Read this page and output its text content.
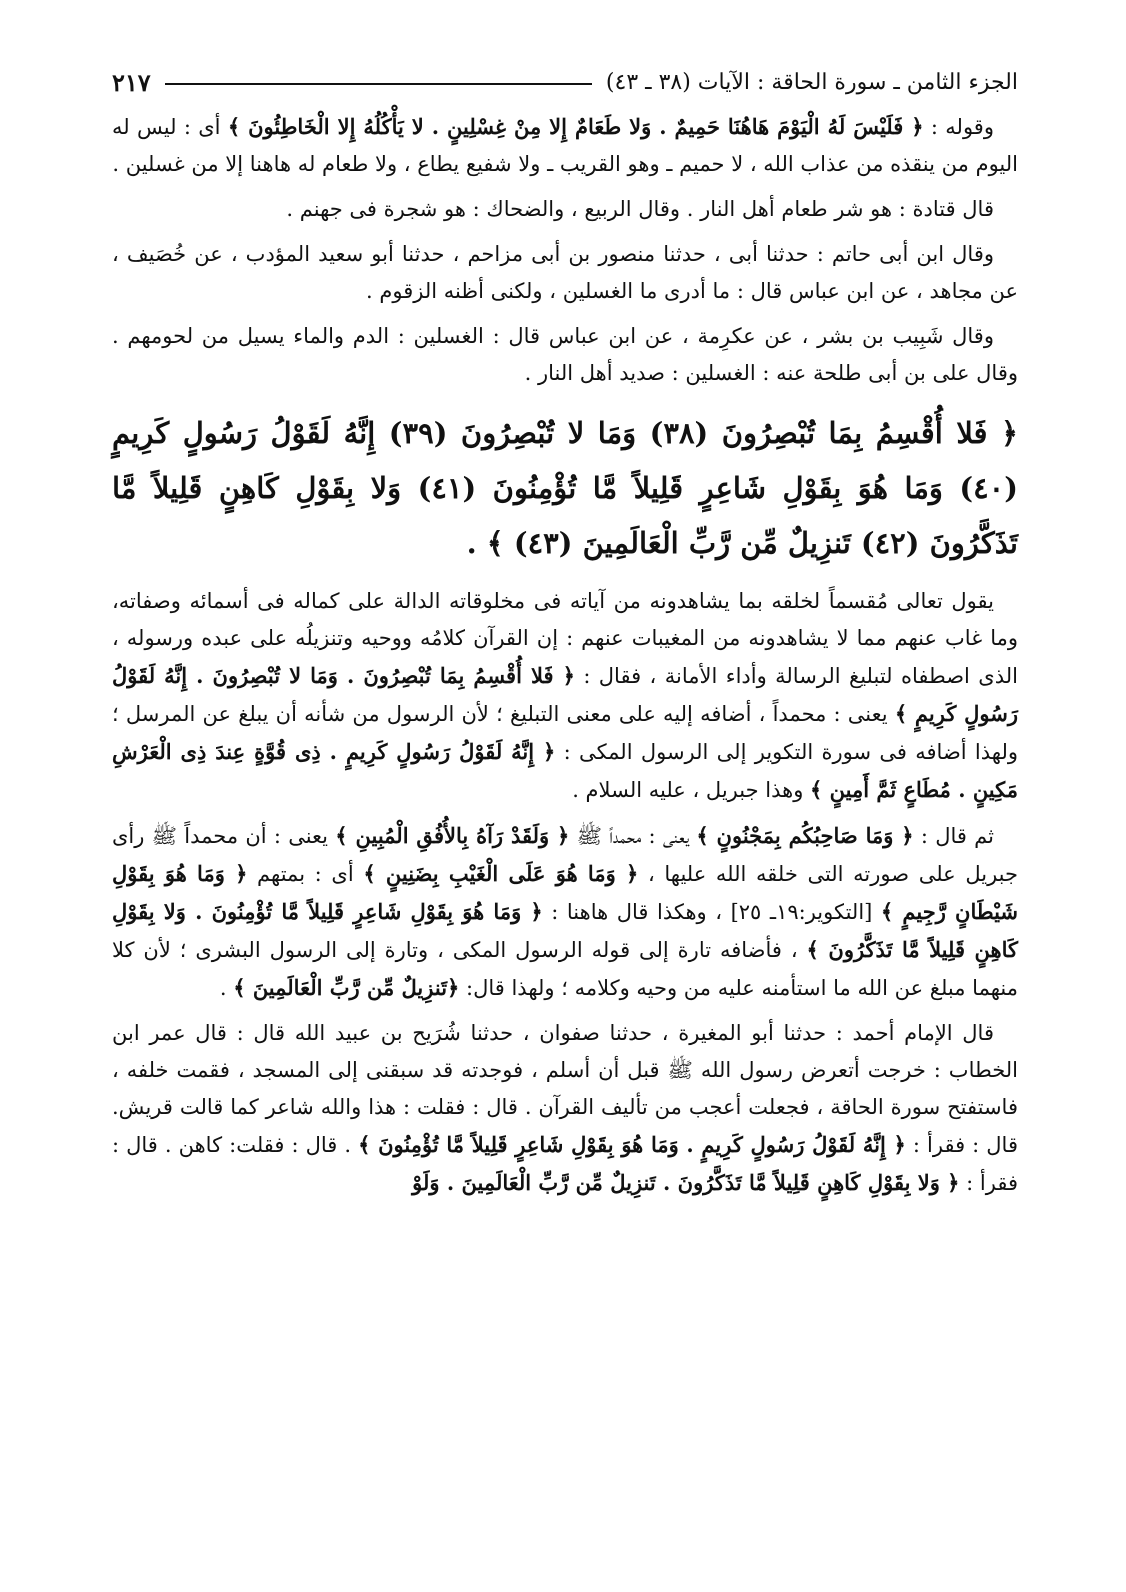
الجزء الثامن ـ سورة الحاقة : الآيات (٣٨ ـ ٤٣)
٢١٧

وقوله : ﴿ فَلَيْسَ لَهُ الْيَوْمَ هَاهُنَا حَمِيمٌ . وَلا طَعَامٌ إِلا مِنْ غِسْلِينٍ . لا يَأْكُلُهُ إِلا الْخَاطِئُونَ ﴾ أى : ليس له اليوم من ينقذه من عذاب الله ، لا حميم ـ وهو القريب ـ ولا شفيع يطاع ، ولا طعام له هاهنا إلا من غسلين .

قال قتادة : هو شر طعام أهل النار . وقال الربيع ، والضحاك : هو شجرة فى جهنم .

وقال ابن أبى حاتم : حدثنا أبى ، حدثنا منصور بن أبى مزاحم ، حدثنا أبو سعيد المؤدب ، عن خُصَيف ، عن مجاهد ، عن ابن عباس قال : ما أدرى ما الغسلين ، ولكنى أظنه الزقوم .

وقال شَبِيب بن بشر ، عن عكرِمة ، عن ابن عباس قال : الغسلين : الدم والماء يسيل من لحومهم . وقال على بن أبى طلحة عنه : الغسلين : صديد أهل النار .

﴿ فَلا أُقْسِمُ بِمَا تُبْصِرُونَ (٣٨) وَمَا لا تُبْصِرُونَ (٣٩) إِنَّهُ لَقَوْلُ رَسُولٍ كَرِيمٍ (٤٠) وَمَا هُوَ بِقَوْلِ شَاعِرٍ قَلِيلاً مَّا تُؤْمِنُونَ (٤١) وَلا بِقَوْلِ كَاهِنٍ قَلِيلاً مَّا تَذَكَّرُونَ (٤٢) تَنزِيلٌ مِّن رَّبِّ الْعَالَمِينَ (٤٣) ﴾ .

يقول تعالى مُقسماً لخلقه بما يشاهدونه من آياته فى مخلوقاته الدالة على كماله فى أسمائه وصفاته، وما غاب عنهم مما لا يشاهدونه من المغيبات عنهم : إن القرآن كلامُه ووحيه وتنزيلُه على عبده ورسوله ، الذى اصطفاه لتبليغ الرسالة وأداء الأمانة ، فقال : ﴿ فَلا أُقْسِمُ بِمَا تُبْصِرُونَ . وَمَا لا تُبْصِرُونَ . إِنَّهُ لَقَوْلُ رَسُولٍ كَرِيمٍ ﴾ يعنى : محمداً ، أضافه إليه على معنى التبليغ ؛ لأن الرسول من شأنه أن يبلغ عن المرسل ؛ ولهذا أضافه فى سورة التكوير إلى الرسول المكى : ﴿ إِنَّهُ لَقَوْلُ رَسُولٍ كَرِيمٍ . ذِى قُوَّةٍ عِندَ ذِى الْعَرْشِ مَكِينٍ . مُطَاعٍ ثَمَّ أَمِينٍ ﴾ وهذا جبريل ، عليه السلام .

ثم قال : ﴿ وَمَا صَاحِبُكُم بِمَجْنُونٍ ﴾ يعنى : محمداً ﷺ ﴿ وَلَقَدْ رَآهُ بِالأُفُقِ الْمُبِينِ ﴾ يعنى : أن محمداً ﷺ رأى جبريل على صورته التى خلقه الله عليها ، ﴿ وَمَا هُوَ عَلَى الْغَيْبِ بِضَنِينٍ ﴾ أى : بمتهم ﴿ وَمَا هُوَ بِقَوْلِ شَيْطَانٍ رَّجِيمٍ ﴾ [التكوير:١٩ـ ٢٥] ، وهكذا قال هاهنا : ﴿ وَمَا هُوَ بِقَوْلِ شَاعِرٍ قَلِيلاً مَّا تُؤْمِنُونَ . وَلا بِقَوْلِ كَاهِنٍ قَلِيلاً مَّا تَذَكَّرُونَ ﴾ ، فأضافه تارة إلى قوله الرسول المكى ، وتارة إلى الرسول البشرى ؛ لأن كلا منهما مبلغ عن الله ما استأمنه عليه من وحيه وكلامه ؛ ولهذا قال: ﴿تَنزِيلٌ مِّن رَّبِّ الْعَالَمِينَ ﴾ .

قال الإمام أحمد : حدثنا أبو المغيرة ، حدثنا صفوان ، حدثنا شُرَيح بن عبيد الله قال : قال عمر ابن الخطاب : خرجت أتعرض رسول الله ﷺ قبل أن أسلم ، فوجدته قد سبقنى إلى المسجد ، فقمت خلفه ، فاستفتح سورة الحاقة ، فجعلت أعجب من تأليف القرآن . قال : فقلت : هذا والله شاعر كما قالت قريش. قال : فقرأ : ﴿ إِنَّهُ لَقَوْلُ رَسُولٍ كَرِيمٍ . وَمَا هُوَ بِقَوْلِ شَاعِرٍ قَلِيلاً مَّا تُؤْمِنُونَ ﴾ . قال : فقلت: كاهن . قال : فقرأ : ﴿ وَلا بِقَوْلِ كَاهِنٍ قَلِيلاً مَّا تَذَكَّرُونَ . تَنزِيلٌ مِّن رَّبِّ الْعَالَمِينَ . وَلَوْ
